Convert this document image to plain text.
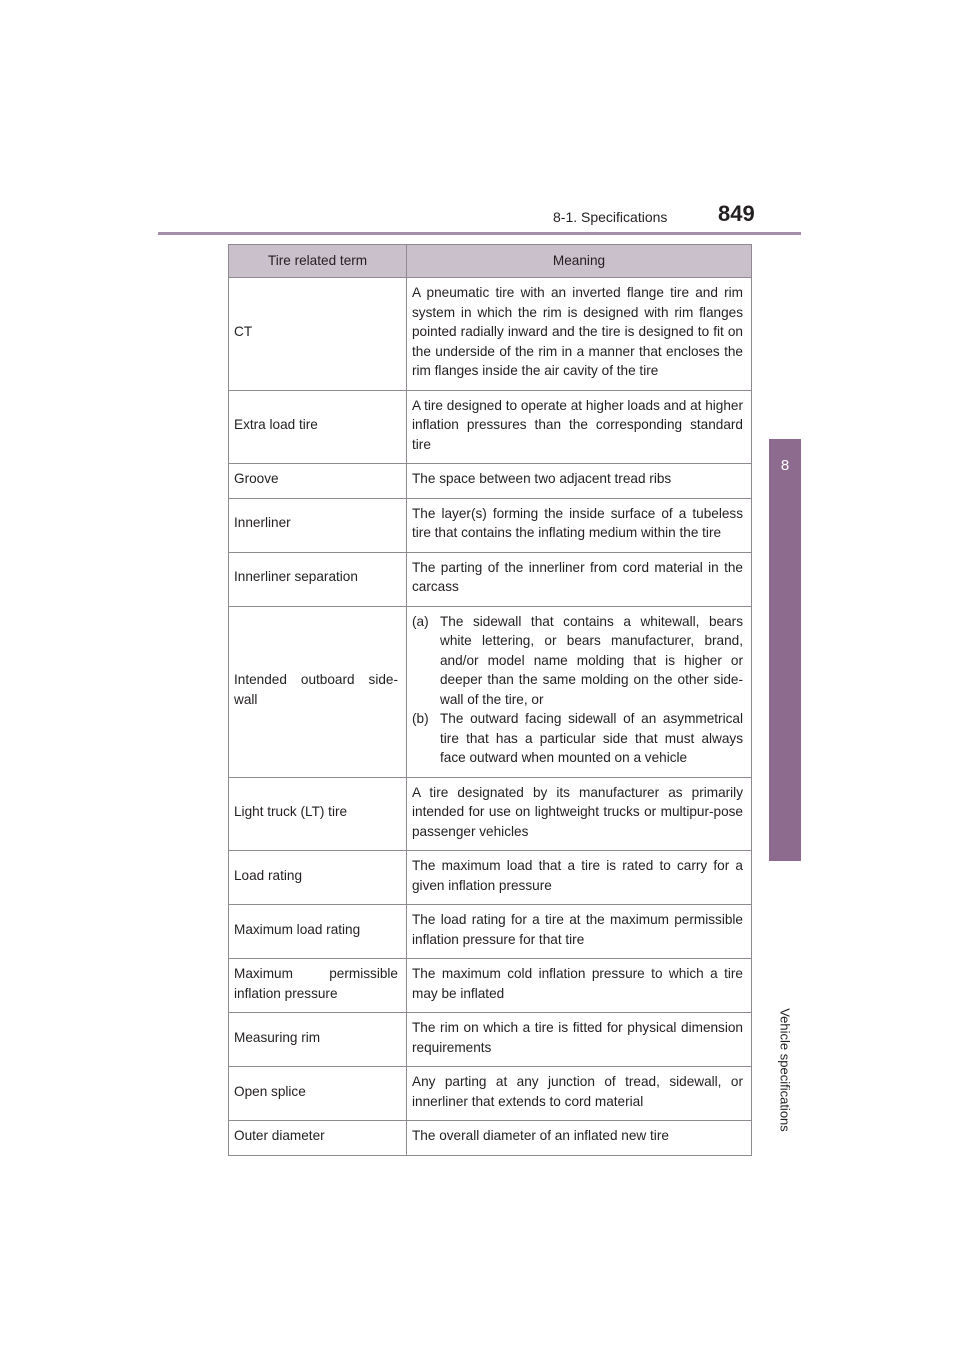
8-1. Specifications 849
8
Vehicle specifications
Tire related term	Meaning
CT	A pneumatic tire with an inverted flange tire and rim system in which the rim is designed with rim flanges pointed radially inward and the tire is designed to fit on the underside of the rim in a manner that encloses the rim flanges inside the air cavity of the tire
Extra load tire	A tire designed to operate at higher loads and at higher inflation pressures than the corresponding standard tire
Groove	The space between two adjacent tread ribs
Innerliner	The layer(s) forming the inside surface of a tubeless tire that contains the inflating medium within the tire
Innerliner separation	The parting of the innerliner from cord material in the carcass
Intended outboard side-wall	(a) The sidewall that contains a whitewall, bears white lettering, or bears manufacturer, brand, and/or model name molding that is higher or deeper than the same molding on the other side-wall of the tire, or
(b) The outward facing sidewall of an asymmetrical tire that has a particular side that must always face outward when mounted on a vehicle

Light truck (LT) tire	A tire designated by its manufacturer as primarily intended for use on lightweight trucks or multipur-pose passenger vehicles
Load rating	The maximum load that a tire is rated to carry for a given inflation pressure
Maximum load rating	The load rating for a tire at the maximum permissible inflation pressure for that tire
Maximum permissible inflation pressure	The maximum cold inflation pressure to which a tire may be inflated
Measuring rim	The rim on which a tire is fitted for physical dimension requirements
Open splice	Any parting at any junction of tread, sidewall, or innerliner that extends to cord material
Outer diameter	The overall diameter of an inflated new tire
